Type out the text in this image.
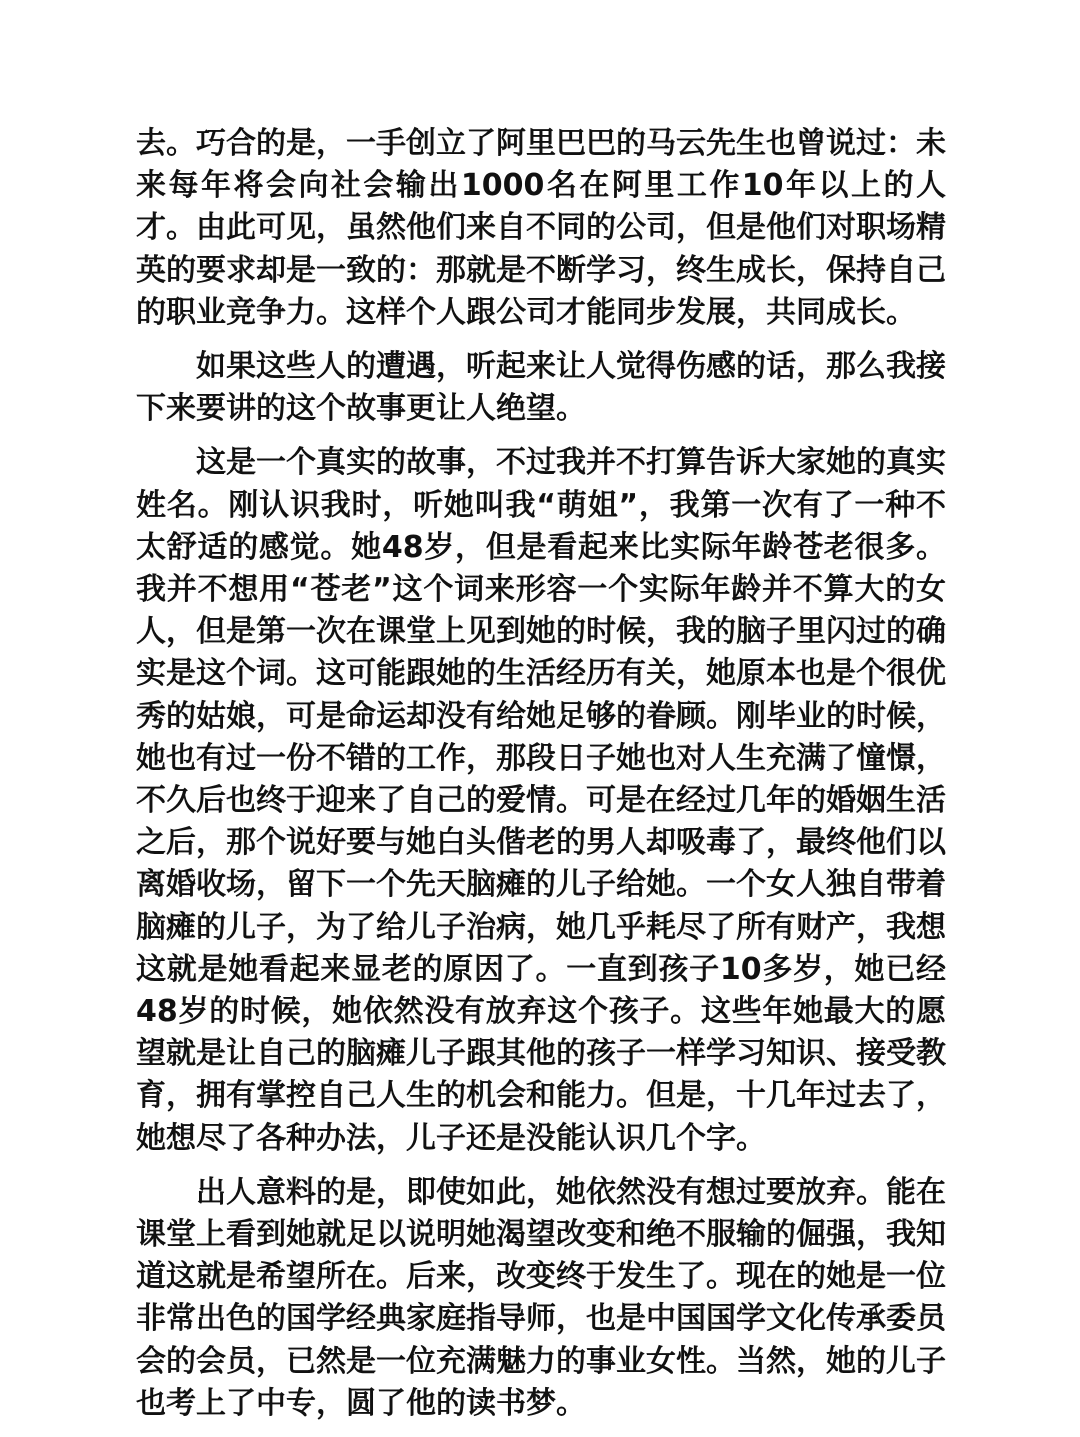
去。巧合的是，一手创立了阿里巴巴的马云先生也曾说过：未来每年将会向社会输出1000名在阿里工作10年以上的人才。由此可见，虽然他们来自不同的公司，但是他们对职场精英的要求却是一致的：那就是不断学习，终生成长，保持自己的职业竞争力。这样个人跟公司才能同步发展，共同成长。

如果这些人的遭遇，听起来让人觉得伤感的话，那么我接下来要讲的这个故事更让人绝望。

这是一个真实的故事，不过我并不打算告诉大家她的真实姓名。刚认识我时，听她叫我“萌姐”，我第一次有了一种不太舒适的感觉。她48岁，但是看起来比实际年龄苍老很多。我并不想用“苍老”这个词来形容一个实际年龄并不算大的女人，但是第一次在课堂上见到她的时候，我的脑子里闪过的确实是这个词。这可能跟她的生活经历有关，她原本也是个很优秀的姑娘，可是命运却没有给她足够的眷顾。刚毕业的时候，她也有过一份不错的工作，那段日子她也对人生充满了憧憬，不久后也终于迎来了自己的爱情。可是在经过几年的婚姻生活之后，那个说好要与她白头偕老的男人却吸毒了，最终他们以离婚收场，留下一个先天脑瘫的儿子给她。一个女人独自带着脑瘫的儿子，为了给儿子治病，她几乎耗尽了所有财产，我想这就是她看起来显老的原因了。一直到孩子10多岁，她已经48岁的时候，她依然没有放弃这个孩子。这些年她最大的愿望就是让自己的脑瘫儿子跟其他的孩子一样学习知识、接受教育，拥有掌控自己人生的机会和能力。但是，十几年过去了，她想尽了各种办法，儿子还是没能认识几个字。

出人意料的是，即使如此，她依然没有想过要放弃。能在课堂上看到她就足以说明她渴望改变和绝不服输的倔强，我知道这就是希望所在。后来，改变终于发生了。现在的她是一位非常出色的国学经典家庭指导师，也是中国国学文化传承委员会的会员，已然是一位充满魅力的事业女性。当然，她的儿子也考上了中专，圆了他的读书梦。
